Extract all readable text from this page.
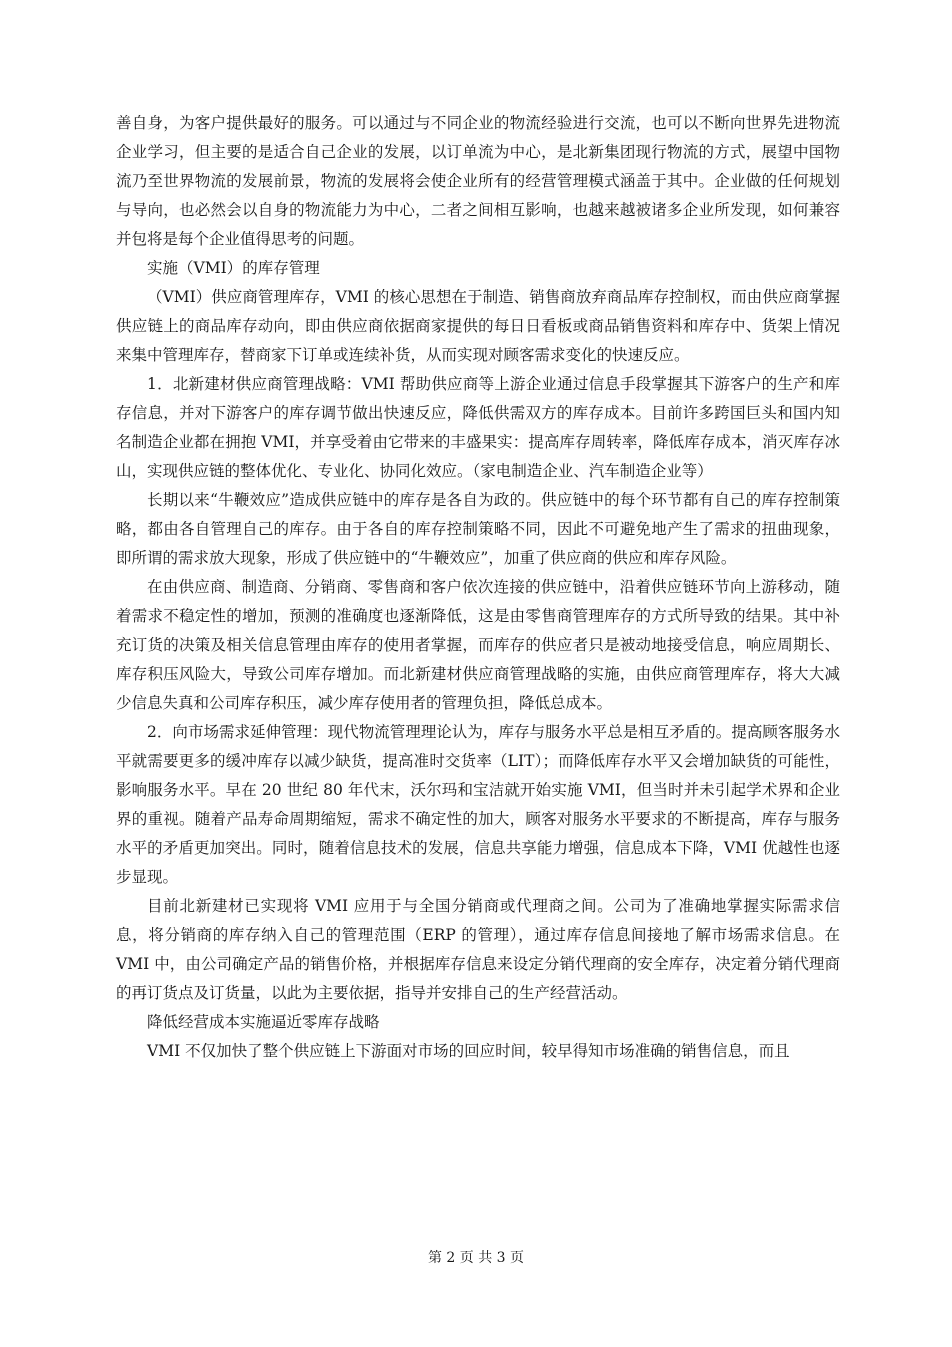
善自身，为客户提供最好的服务。可以通过与不同企业的物流经验进行交流，也可以不断向世界先进物流企业学习，但主要的是适合自己企业的发展，以订单流为中心，是北新集团现行物流的方式，展望中国物流乃至世界物流的发展前景，物流的发展将会使企业所有的经营管理模式涵盖于其中。企业做的任何规划与导向，也必然会以自身的物流能力为中心，二者之间相互影响，也越来越被诸多企业所发现，如何兼容并包将是每个企业值得思考的问题。

实施（VMI）的库存管理

（VMI）供应商管理库存，VMI 的核心思想在于制造、销售商放弃商品库存控制权，而由供应商掌握供应链上的商品库存动向，即由供应商依据商家提供的每日日看板或商品销售资料和库存中、货架上情况来集中管理库存，替商家下订单或连续补货，从而实现对顾客需求变化的快速反应。

1．北新建材供应商管理战略：VMI 帮助供应商等上游企业通过信息手段掌握其下游客户的生产和库存信息，并对下游客户的库存调节做出快速反应，降低供需双方的库存成本。目前许多跨国巨头和国内知名制造企业都在拥抱 VMI，并享受着由它带来的丰盛果实：提高库存周转率，降低库存成本，消灭库存冰山，实现供应链的整体优化、专业化、协同化效应。（家电制造企业、汽车制造企业等）

长期以来“牛鞭效应”造成供应链中的库存是各自为政的。供应链中的每个环节都有自己的库存控制策略，都由各自管理自己的库存。由于各自的库存控制策略不同，因此不可避免地产生了需求的扭曲现象，即所谓的需求放大现象，形成了供应链中的“牛鞭效应”，加重了供应商的供应和库存风险。

在由供应商、制造商、分销商、零售商和客户依次连接的供应链中，沿着供应链环节向上游移动，随着需求不稳定性的增加，预测的准确度也逐渐降低，这是由零售商管理库存的方式所导致的结果。其中补充订货的决策及相关信息管理由库存的使用者掌握，而库存的供应者只是被动地接受信息，响应周期长、库存积压风险大，导致公司库存增加。而北新建材供应商管理战略的实施，由供应商管理库存，将大大减少信息失真和公司库存积压，减少库存使用者的管理负担，降低总成本。

2．向市场需求延伸管理：现代物流管理理论认为，库存与服务水平总是相互矛盾的。提高顾客服务水平就需要更多的缓冲库存以减少缺货，提高准时交货率（LIT）；而降低库存水平又会增加缺货的可能性，影响服务水平。早在 20 世纪 80 年代末，沃尔玛和宝洁就开始实施 VMI，但当时并未引起学术界和企业界的重视。随着产品寿命周期缩短，需求不确定性的加大，顾客对服务水平要求的不断提高，库存与服务水平的矛盾更加突出。同时，随着信息技术的发展，信息共享能力增强，信息成本下降，VMI 优越性也逐步显现。

目前北新建材已实现将 VMI 应用于与全国分销商或代理商之间。公司为了准确地掌握实际需求信息，将分销商的库存纳入自己的管理范围（ERP 的管理），通过库存信息间接地了解市场需求信息。在 VMI 中，由公司确定产品的销售价格，并根据库存信息来设定分销代理商的安全库存，决定着分销代理商的再订货点及订货量，以此为主要依据，指导并安排自己的生产经营活动。

降低经营成本实施逼近零库存战略

VMI 不仅加快了整个供应链上下游面对市场的回应时间，较早得知市场准确的销售信息，而且

第 2 页 共 3 页
